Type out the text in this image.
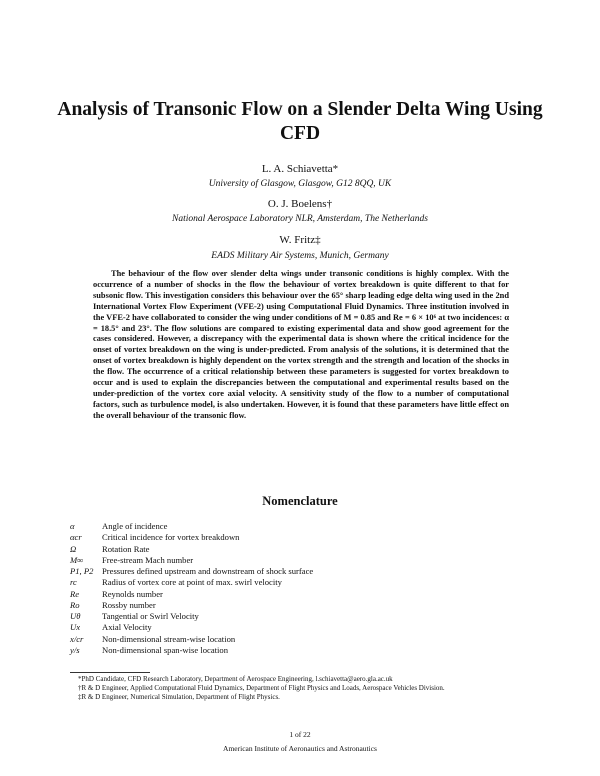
Analysis of Transonic Flow on a Slender Delta Wing Using CFD
L. A. Schiavetta*
University of Glasgow, Glasgow, G12 8QQ, UK
O. J. Boelens†
National Aerospace Laboratory NLR, Amsterdam, The Netherlands
W. Fritz‡
EADS Military Air Systems, Munich, Germany
The behaviour of the flow over slender delta wings under transonic conditions is highly complex. With the occurrence of a number of shocks in the flow the behaviour of vortex breakdown is quite different to that for subsonic flow. This investigation considers this behaviour over the 65° sharp leading edge delta wing used in the 2nd International Vortex Flow Experiment (VFE-2) using Computational Fluid Dynamics. Three institution involved in the VFE-2 have collaborated to consider the wing under conditions of M = 0.85 and Re = 6 × 10⁶ at two incidences: α = 18.5° and 23°. The flow solutions are compared to existing experimental data and show good agreement for the cases considered. However, a discrepancy with the experimental data is shown where the critical incidence for the onset of vortex breakdown on the wing is under-predicted. From analysis of the solutions, it is determined that the onset of vortex breakdown is highly dependent on the vortex strength and the strength and location of the shocks in the flow. The occurrence of a critical relationship between these parameters is suggested for vortex breakdown to occur and is used to explain the discrepancies between the computational and experimental results based on the under-prediction of the vortex core axial velocity. A sensitivity study of the flow to a number of computational factors, such as turbulence model, is also undertaken. However, it is found that these parameters have little effect on the overall behaviour of the transonic flow.
Nomenclature
α	Angle of incidence
αcr	Critical incidence for vortex breakdown
Ω	Rotation Rate
M∞	Free-stream Mach number
P1, P2	Pressures defined upstream and downstream of shock surface
rc	Radius of vortex core at point of max. swirl velocity
Re	Reynolds number
Ro	Rossby number
Uθ	Tangential or Swirl Velocity
Ux	Axial Velocity
x/cr	Non-dimensional stream-wise location
y/s	Non-dimensional span-wise location
*PhD Candidate, CFD Research Laboratory, Department of Aerospace Engineering, l.schiavetta@aero.gla.ac.uk
†R & D Engineer, Applied Computational Fluid Dynamics, Department of Flight Physics and Loads, Aerospace Vehicles Division.
‡R & D Engineer, Numerical Simulation, Department of Flight Physics.
1 of 22
American Institute of Aeronautics and Astronautics
